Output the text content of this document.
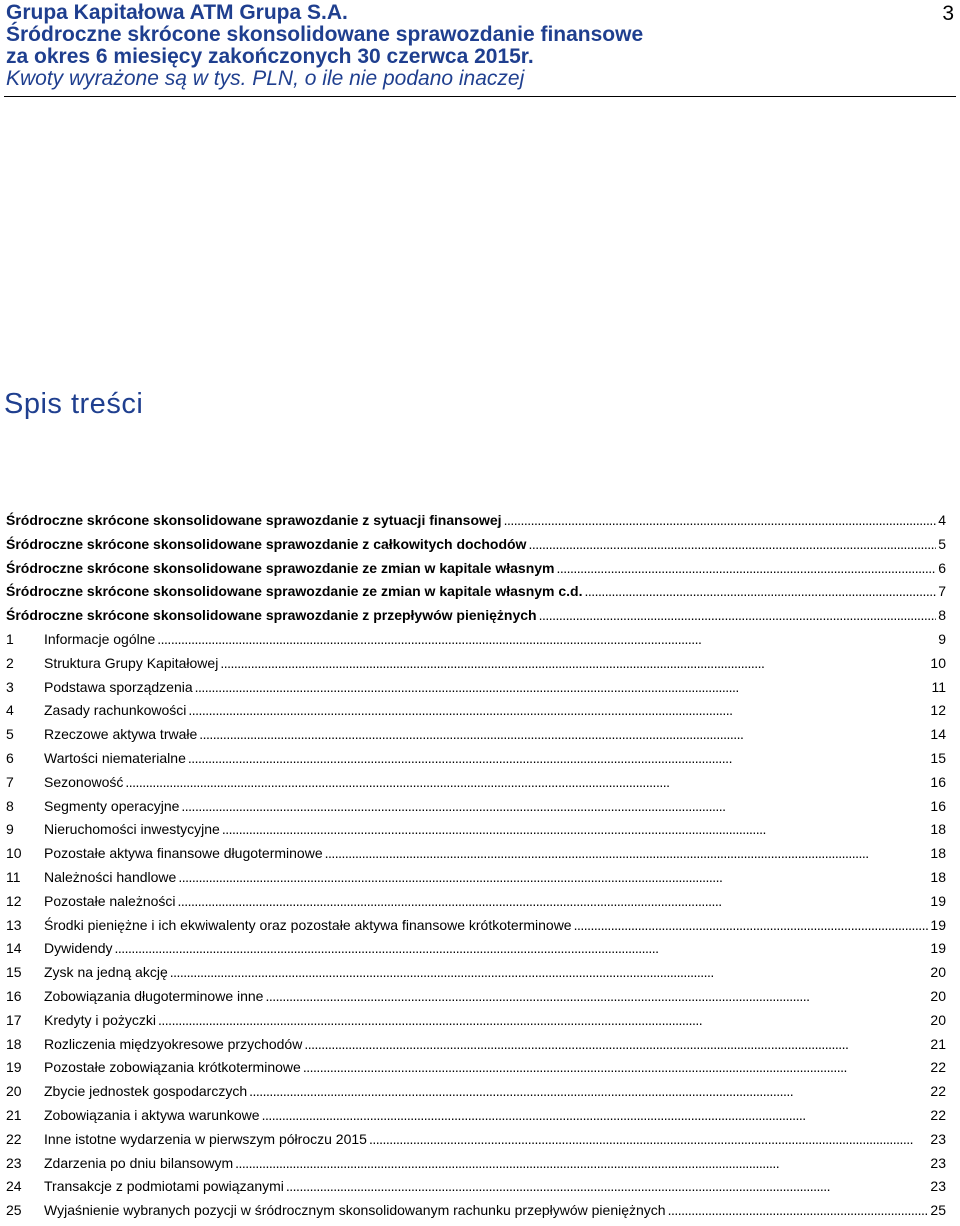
Grupa Kapitałowa ATM Grupa S.A.
Śródroczne skrócone skonsolidowane sprawozdanie finansowe
za okres 6 miesięcy zakończonych 30 czerwca 2015r.
Kwoty wyrażone są w tys. PLN, o ile nie podano inaczej
3
Spis treści
Śródroczne skrócone skonsolidowane sprawozdanie z sytuacji finansowej . . .	4
Śródroczne skrócone skonsolidowane sprawozdanie z całkowitych dochodów . . .	5
Śródroczne skrócone skonsolidowane sprawozdanie ze zmian w kapitale własnym . . .	6
Śródroczne skrócone skonsolidowane sprawozdanie ze zmian w kapitale własnym c.d. . . .	7
Śródroczne skrócone skonsolidowane sprawozdanie z przepływów pieniężnych . . .	8
1	Informacje ogólne . . .	9
2	Struktura Grupy Kapitałowej . . .	10
3	Podstawa sporządzenia . . .	11
4	Zasady rachunkowości . . .	12
5	Rzeczowe aktywa trwałe . . .	14
6	Wartości niematerialne . . .	15
7	Sezonowość . . .	16
8	Segmenty operacyjne . . .	16
9	Nieruchomości inwestycyjne . . .	18
10	Pozostałe aktywa finansowe długoterminowe . . .	18
11	Należności handlowe . . .	18
12	Pozostałe należności . . .	19
13	Środki pieniężne i ich ekwiwalenty oraz pozostałe aktywa finansowe krótkoterminowe . . .	19
14	Dywidendy . . .	19
15	Zysk na jedną akcję . . .	20
16	Zobowiązania długoterminowe inne . . .	20
17	Kredyty i pożyczki . . .	20
18	Rozliczenia międzyokresowe przychodów . . .	21
19	Pozostałe zobowiązania krótkoterminowe . . .	22
20	Zbycie jednostek gospodarczych . . .	22
21	Zobowiązania i aktywa warunkowe . . .	22
22	Inne istotne wydarzenia w pierwszym półroczu 2015 . . .	23
23	Zdarzenia po dniu bilansowym . . .	23
24	Transakcje z podmiotami powiązanymi . . .	23
25	Wyjaśnienie wybranych pozycji w śródrocznym skonsolidowanym rachunku przepływów pieniężnych . . .	25
